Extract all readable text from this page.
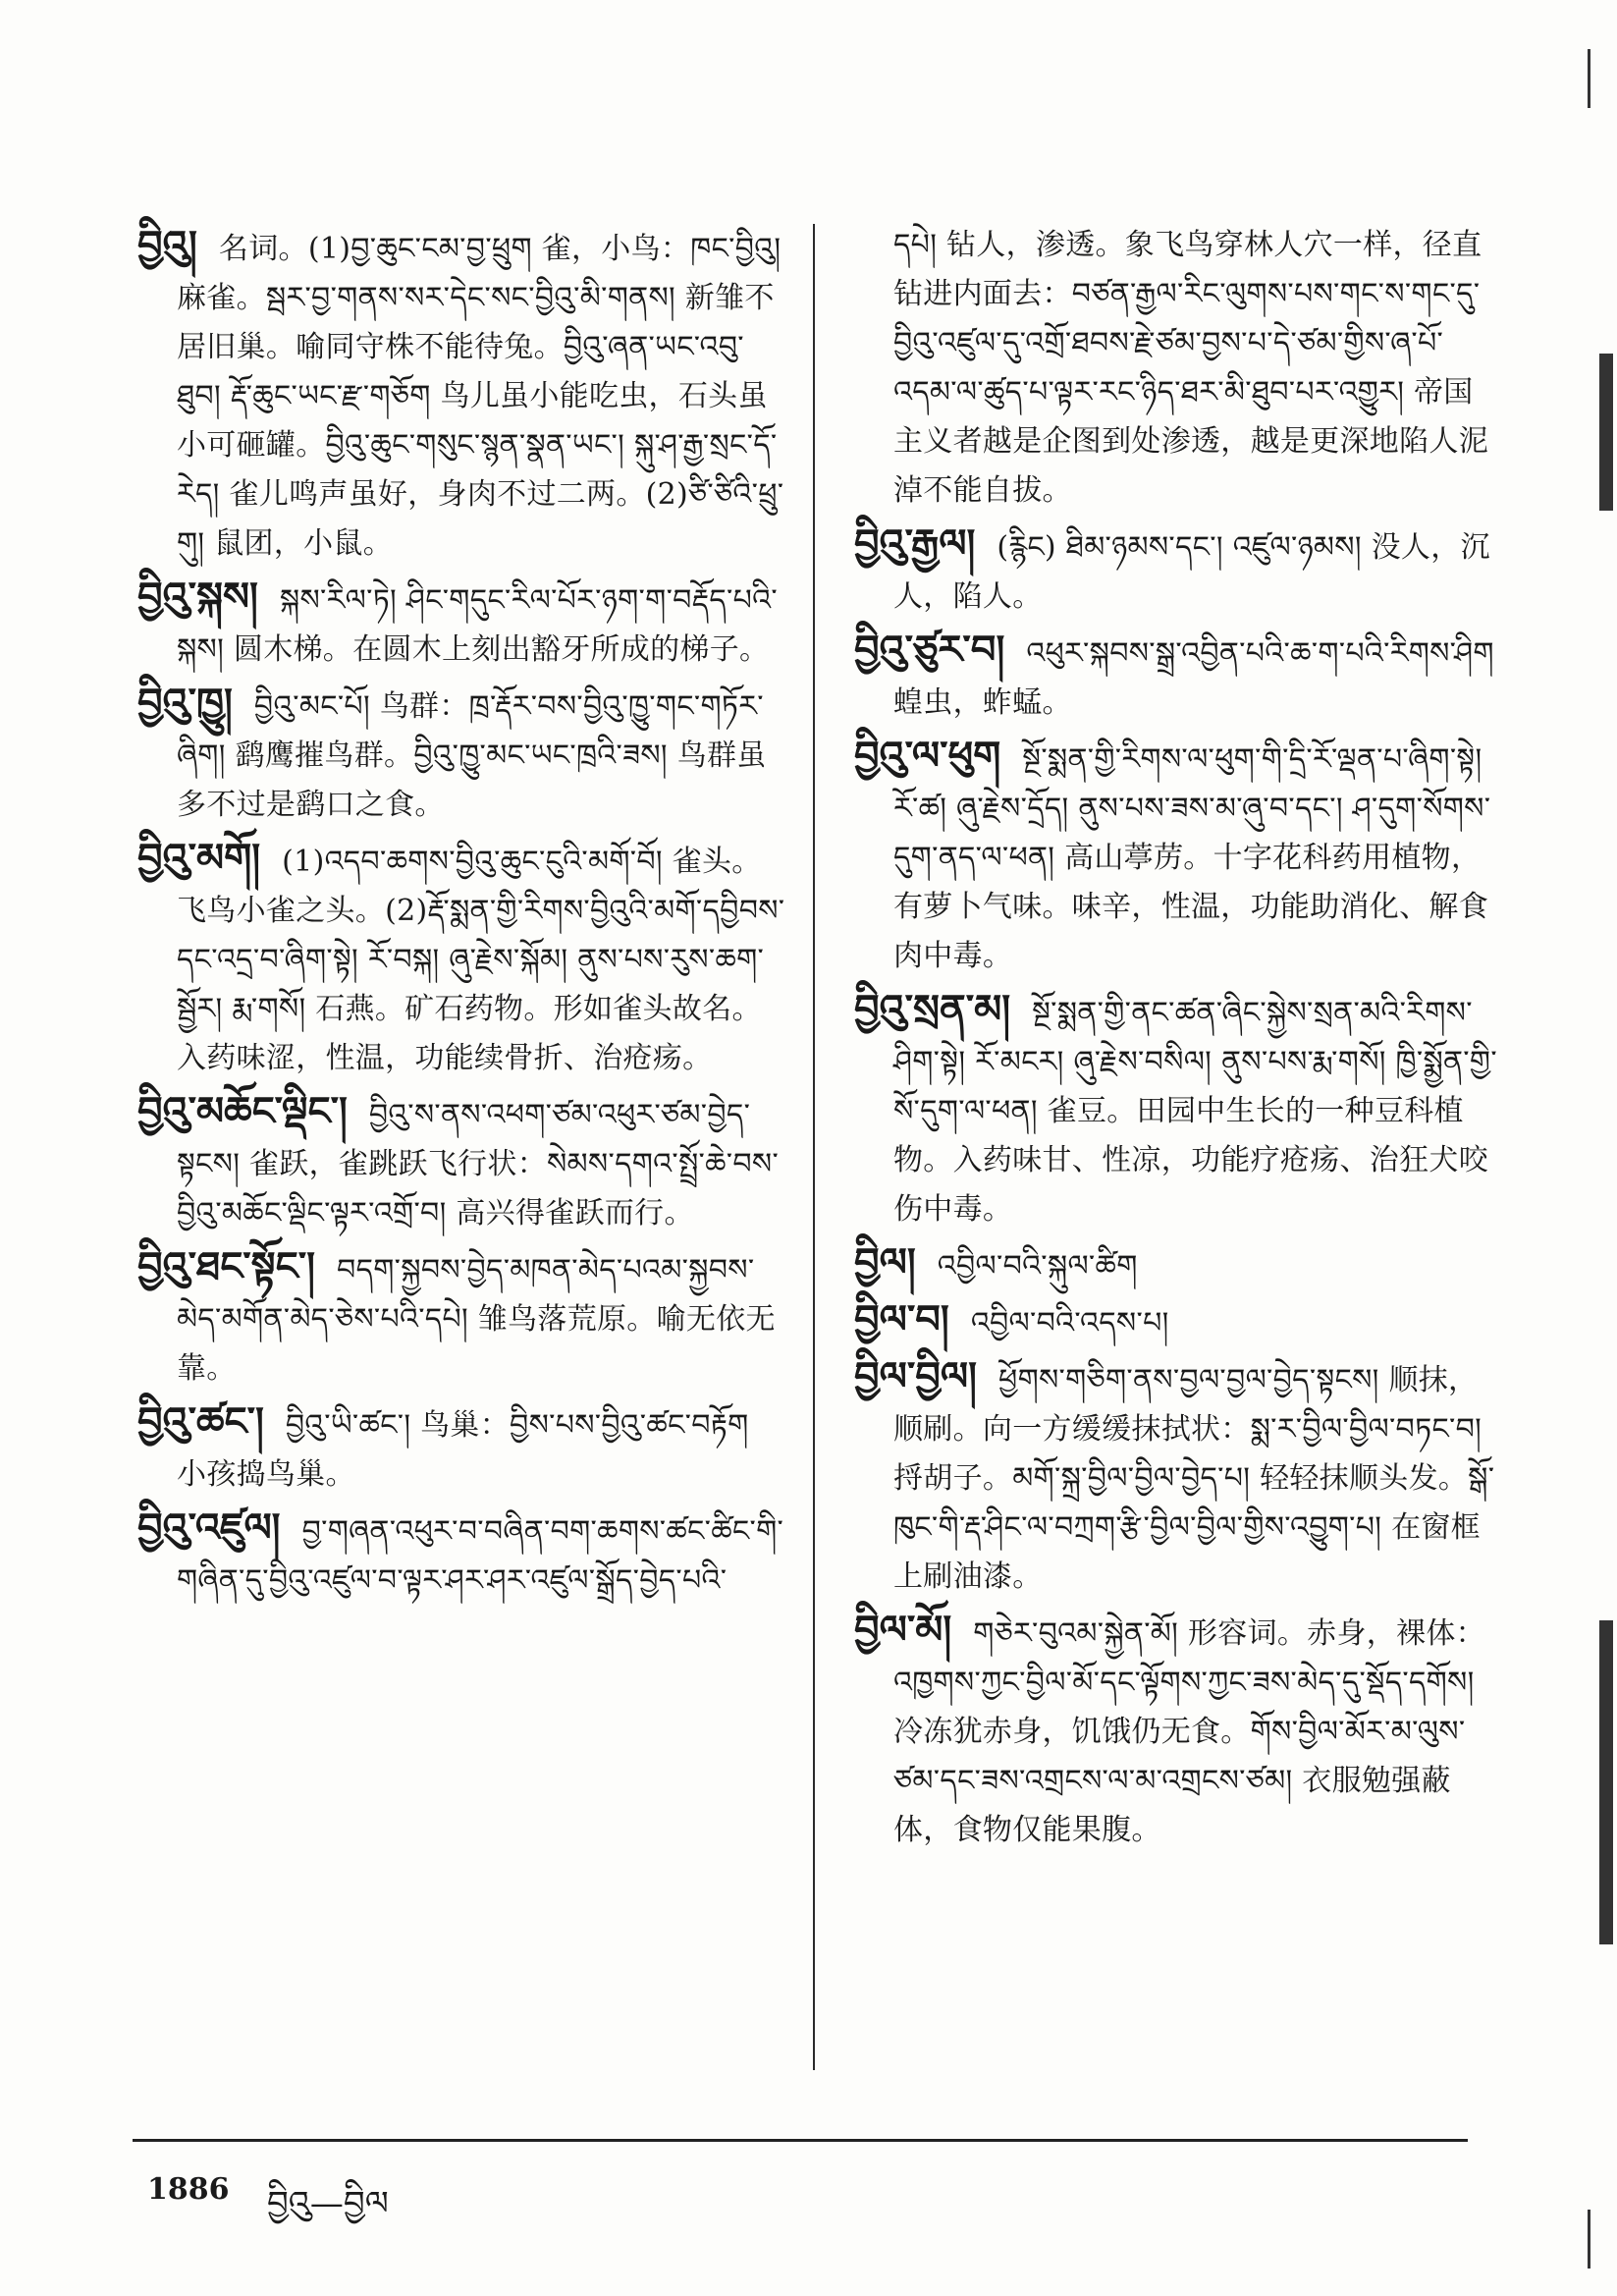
བྱིའུ། 名词。(1)བྱ་ཆུང་ངམ་བྱ་ཕྲུག 雀，小鸟：ཁང་བྱིའུ། 麻雀。སྦར་བྱ་གནས་སར་དེང་སང་བྱིའུ་མི་གནས། 新雏不居旧巢。喻同守株不能待兔。བྱིའུ་ཞན་ཡང་འབུ་ཐུབ། རྡོ་ཆུང་ཡང་རྫ་གཅོག 鸟儿虽小能吃虫，石头虽小可砸罐。བྱིའུ་ཆུང་གསུང་སྙན་སྣན་ཡང་། སྐུ་ཤ་རྒྱ་སྲང་དོ་རེད། 雀儿鸣声虽好，身肉不过二两。(2)ཙི་ཙིའི་ཕྲུ་གུ། 鼠团，小鼠。
བྱིའུ་སྐས། སྐས་རིལ་ཏེ། ཤིང་གདུང་རིལ་པོར་ཉག་ག་བརྡོད་པའི་སྐས། 圆木梯。在圆木上刻出豁牙所成的梯子。
བྱིའུ་ཁྱུ། བྱིའུ་མང་པོ། 鸟群：ཁྲ་རྡོར་བས་བྱིའུ་ཁྱུ་གང་གཏོར་ཞིག། 鹞鹰摧鸟群。བྱིའུ་ཁྱུ་མང་ཡང་ཁྲའི་ཟས། 鸟群虽多不过是鹞口之食。
བྱིའུ་མགོ། (1)འདབ་ཆགས་བྱིའུ་ཆུང་ངུའི་མགོ་བོ། 雀头。飞鸟小雀之头。(2)རྡོ་སྨན་གྱི་རིགས་བྱིའུའི་མགོ་དབྱིབས་དང་འདྲ་བ་ཞིག་སྟེ། རོ་བསྐ། ཞུ་རྗེས་སྐོམ། ནུས་པས་རུས་ཆག་སྦྱོར། རྨ་གསོ། 石燕。矿石药物。形如雀头故名。入药味涩，性温，功能续骨折、治疮疡。
བྱིའུ་མཆོང་ལྡིང་། བྱིའུ་ས་ནས་འཕག་ཙམ་འཕུར་ཙམ་བྱེད་སྟངས། 雀跃，雀跳跃飞行状：སེམས་དགའ་སྤྲོ་ཆེ་བས་བྱིའུ་མཆོང་ལྡིང་ལྟར་འགྲོ་བ། 高兴得雀跃而行。
བྱིའུ་ཐང་སྟོང་། བདག་སྐྱབས་བྱེད་མཁན་མེད་པའམ་སྐྱབས་མེད་མགོན་མེད་ཅེས་པའི་དཔེ། 雏鸟落荒原。喻无依无靠。
བྱིའུ་ཚང་། བྱིའུ་ཡི་ཚང་། 鸟巢：བྱིས་པས་བྱིའུ་ཚང་བརྟོག 小孩捣鸟巢。
བྱིའུ་འཛུལ། བྱ་གཞན་འཕུར་བ་བཞིན་བག་ཆགས་ཚང་ཚིང་གི་གཞིན་དུ་བྱིའུ་འཛུལ་བ་ལྟར་ཤར་ཤར་འཛུལ་སྒྲོད་བྱེད་པའི་
དཔེ། 钻人，渗透。象飞鸟穿林人穴一样，径直钻进内面去：བཙན་རྒྱལ་རིང་ལུགས་པས་གང་ས་གང་དུ་བྱིའུ་འཛུལ་དུ་འགྲོ་ཐབས་རྗེ་ཙམ་བྱས་པ་དེ་ཙམ་གྱིས་ཞ་པོ་འདམ་ལ་ཚུད་པ་ལྟར་རང་ཉིད་ཐར་མི་ཐུབ་པར་འགྱུར། 帝国主义者越是企图到处渗透，越是更深地陷人泥淖不能自拔。
བྱིའུ་རྒྱལ། (རྙིང) ཐིམ་ཉམས་དང་། འཛུལ་ཉམས། 没人，沉人，陷人。
བྱིའུ་ཙུར་བ། འཕུར་སྐབས་སྒྲ་འབྱིན་པའི་ཆ་ག་པའི་རིགས་ཤིག 蝗虫，蚱蜢。
བྱིའུ་ལ་ཕུག སྔོ་སྨན་གྱི་རིགས་ལ་ཕུག་གི་དྲི་རོ་ལྡན་པ་ཞིག་སྟེ། རོ་ཚ། ཞུ་རྗེས་དྲོད། ནུས་པས་ཟས་མ་ཞུ་བ་དང་། ཤ་དུག་སོགས་དུག་ནད་ལ་ཕན། 高山葶苈。十字花科药用植物，有萝卜气味。味辛，性温，功能助消化、解食肉中毒。
བྱིའུ་སྲན་མ། སྔོ་སྨན་གྱི་ནང་ཚན་ཞིང་སྐྱེས་སྲན་མའི་རིགས་ཤིག་སྟེ། རོ་མངར། ཞུ་རྗེས་བསིལ། ནུས་པས་རྨ་གསོ། ཁྱི་སྨྱོན་གྱི་སོ་དུག་ལ་ཕན། 雀豆。田园中生长的一种豆科植物。入药味甘、性凉，功能疗疮疡、治狂犬咬伤中毒。
བྱིལ། འབྱིལ་བའི་སྐུལ་ཚིག
བྱིལ་བ། འབྱིལ་བའི་འདས་པ།
བྱིལ་བྱིལ། ཕྱོགས་གཅིག་ནས་བྱལ་བྱལ་བྱེད་སྟངས། 顺抹，顺刷。向一方缓缓抹拭状：སྨ་ར་བྱིལ་བྱིལ་བཏང་བ། 捋胡子。མགོ་སྐྲ་བྱིལ་བྱིལ་བྱེད་པ། 轻轻抹顺头发。སྒོ་ཁུང་གི་རྡ་ཤིང་ལ་བཀྲག་རྩི་བྱིལ་བྱིལ་གྱིས་འབྱུག་པ། 在窗框上刷油漆。
བྱིལ་མོ། གཅེར་བུའམ་སྐྱེན་མོ། 形容词。赤身，裸体：འཁྱགས་ཀྱང་བྱིལ་མོ་དང་ལྟོགས་ཀྱང་ཟས་མེད་དུ་སྡོད་དགོས། 冷冻犹赤身，饥饿仍无食。གོས་བྱིལ་མོར་མ་ལུས་ཙམ་དང་ཟས་འགྲངས་ལ་མ་འགྲངས་ཙམ། 衣服勉强蔽体，食物仅能果腹。
1886 བྱིའུ—བྱིལ
